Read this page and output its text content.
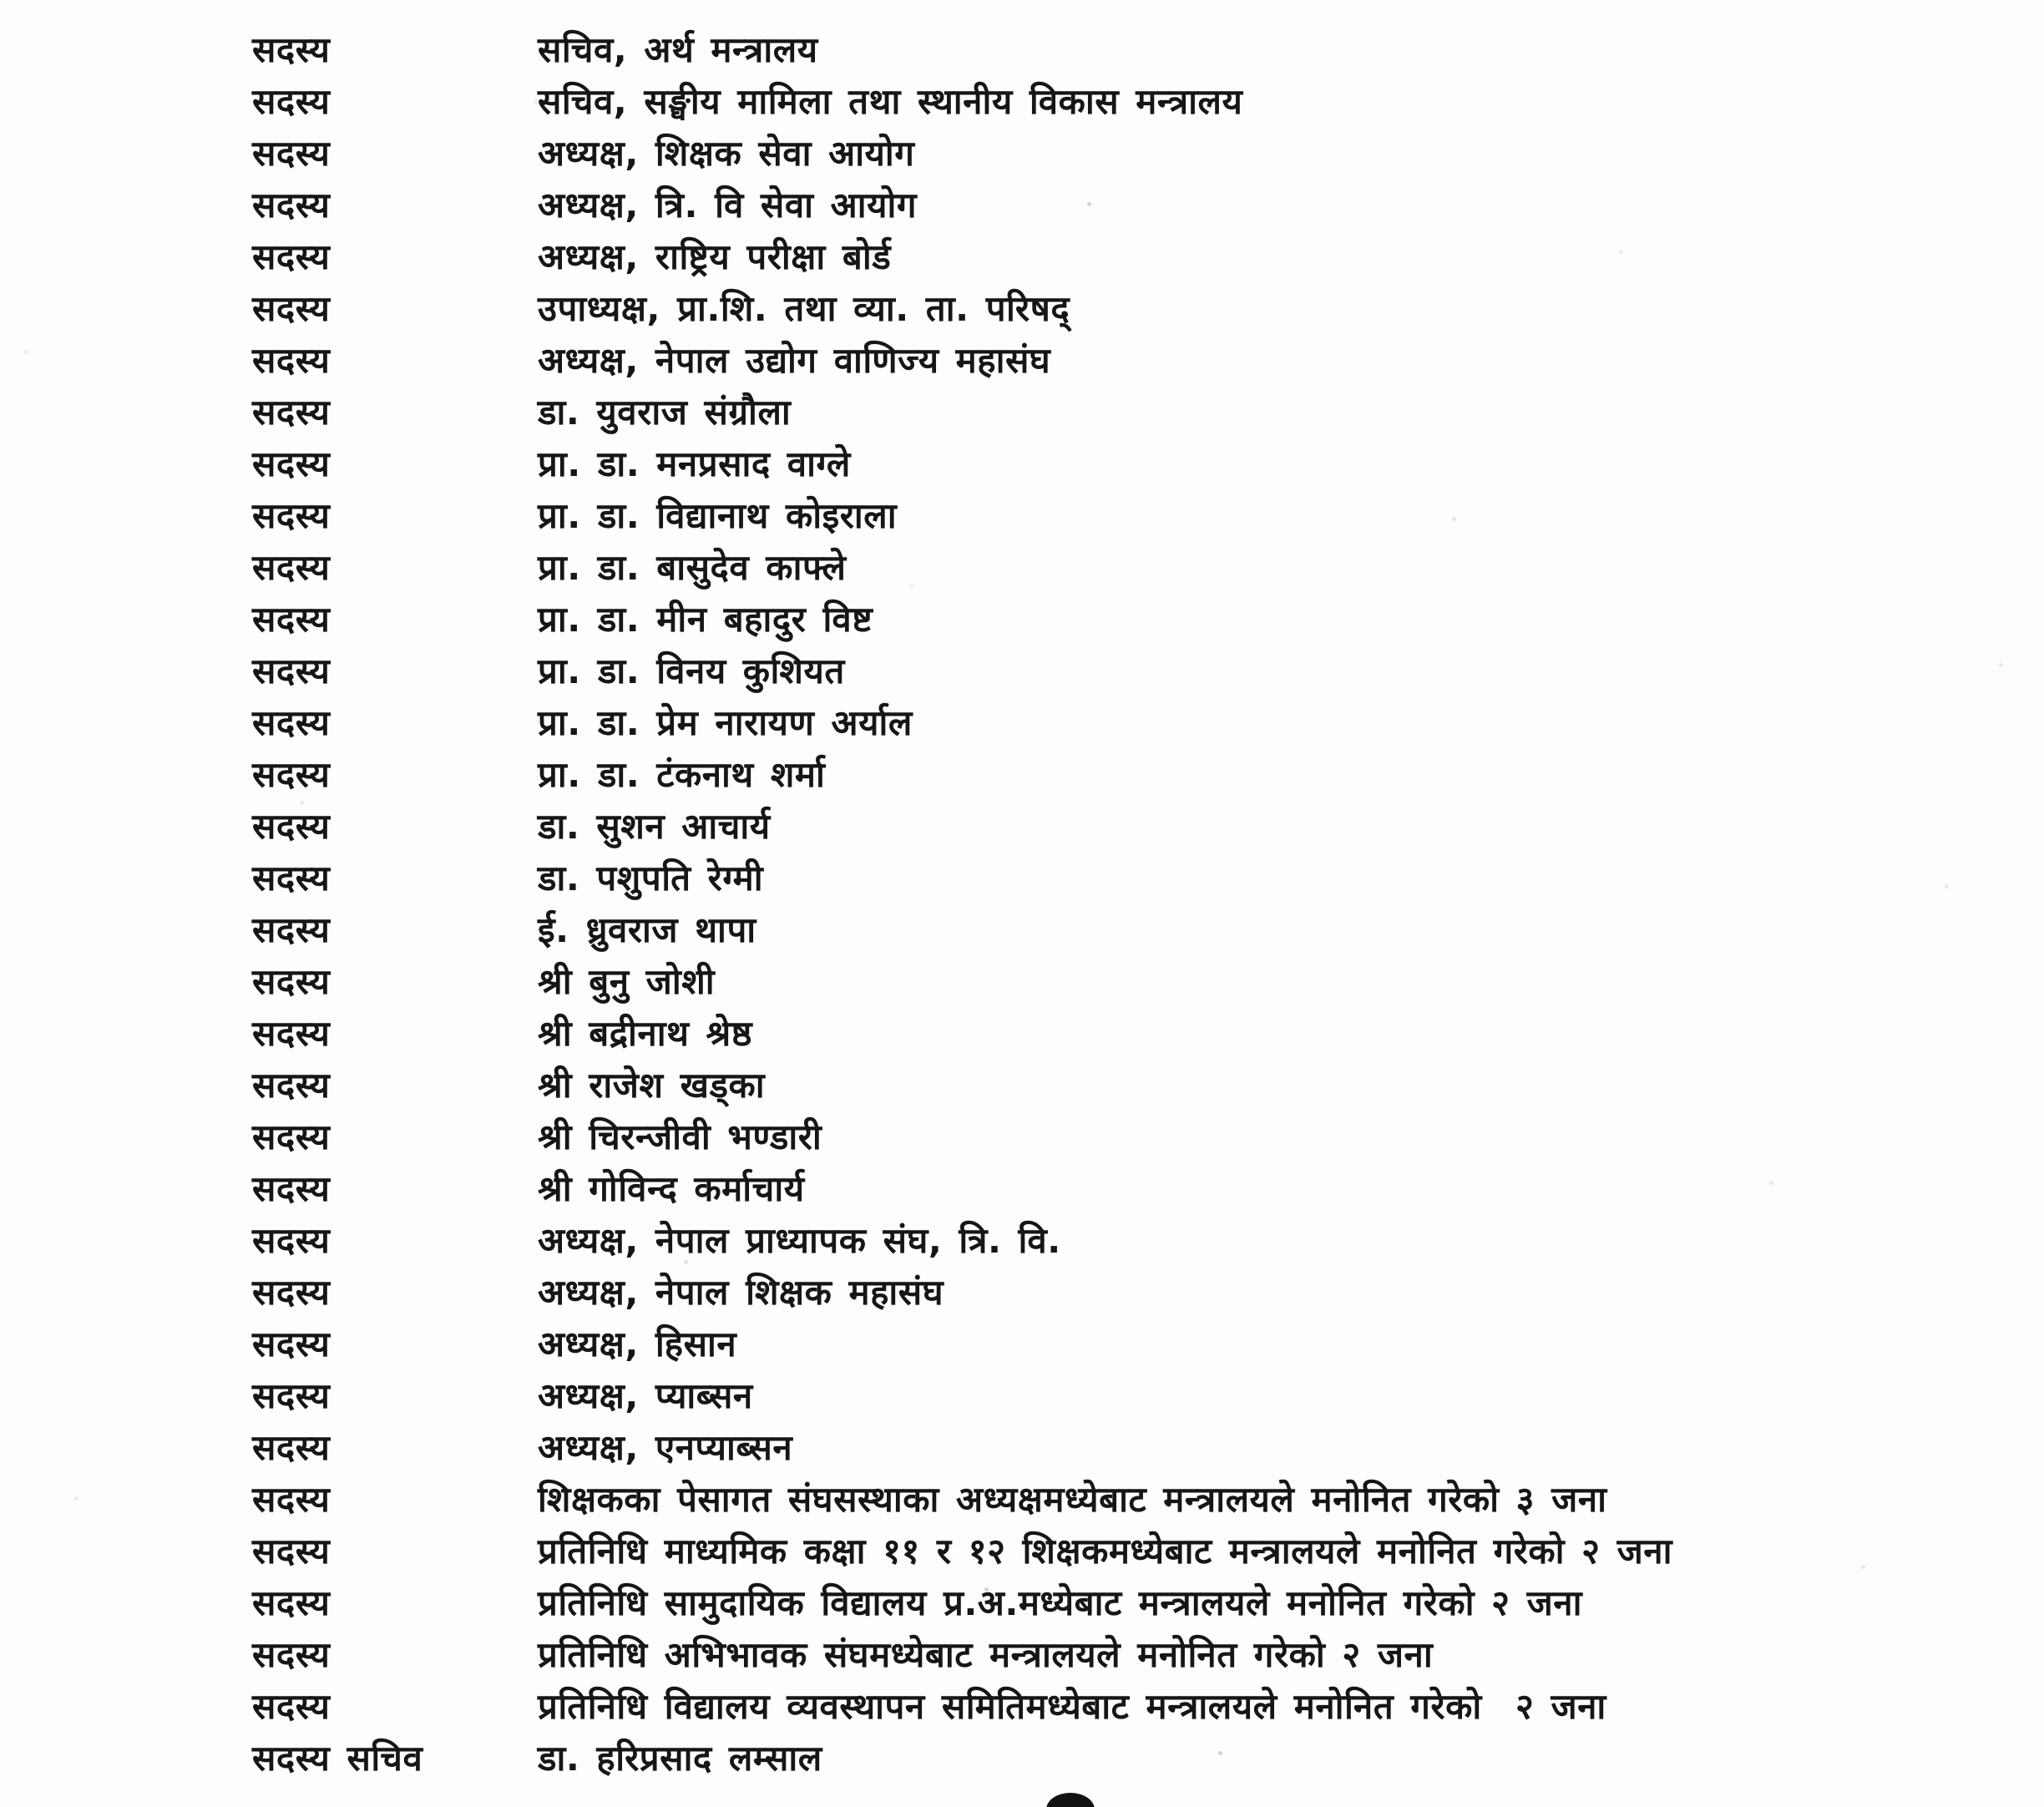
सदस्य	सचिव, अर्थ मन्त्रालय
सदस्य	सचिव, सङ्घीय मामिला तथा स्थानीय विकास मन्त्रालय
सदस्य	अध्यक्ष, शिक्षक सेवा आयोग
सदस्य	अध्यक्ष, त्रि. वि सेवा आयोग
सदस्य	अध्यक्ष, राष्ट्रिय परीक्षा बोर्ड
सदस्य	उपाध्यक्ष, प्रा.शि. तथा व्या. ता. परिषद्
सदस्य	अध्यक्ष, नेपाल उद्योग वाणिज्य महासंघ
सदस्य	डा. युवराज संग्रौला
सदस्य	प्रा. डा. मनप्रसाद वाग्ले
सदस्य	प्रा. डा. विद्यानाथ कोइराला
सदस्य	प्रा. डा. बासुदेव काफ्ले
सदस्य	प्रा. डा. मीन बहादुर विष्ट
सदस्य	प्रा. डा. विनय कुशियत
सदस्य	प्रा. डा. प्रेम नारायण अर्याल
सदस्य	प्रा. डा. टंकनाथ शर्मा
सदस्य	डा. सुशन आचार्य
सदस्य	डा. पशुपति रेग्मी
सदस्य	ई. ध्रुवराज थापा
सदस्य	श्री बुनु जोशी
सदस्य	श्री बद्रीनाथ श्रेष्ठ
सदस्य	श्री राजेश खड्का
सदस्य	श्री चिरन्जीवी भण्डारी
सदस्य	श्री गोविन्द कर्माचार्य
सदस्य	अध्यक्ष, नेपाल प्राध्यापक संघ, त्रि. वि.
सदस्य	अध्यक्ष, नेपाल शिक्षक महासंघ
सदस्य	अध्यक्ष, हिसान
सदस्य	अध्यक्ष, प्याब्सन
सदस्य	अध्यक्ष, एनप्याब्सन
सदस्य	शिक्षकका पेसागत संघसस्थाका अध्यक्षमध्येबाट मन्त्रालयले मनोनित गरेको ३ जना
सदस्य	प्रतिनिधि माध्यमिक कक्षा ११ र १२ शिक्षकमध्येबाट मन्त्रालयले मनोनित गरेको २ जना
सदस्य	प्रतिनिधि सामुदायिक विद्यालय प्र.अ.मध्येबाट मन्त्रालयले मनोनित गरेको २ जना
सदस्य	प्रतिनिधि अभिभावक संघमध्येबाट मन्त्रालयले मनोनित गरेको २ जना
सदस्य	प्रतिनिधि विद्यालय व्यवस्थापन समितिमध्येबाट मन्त्रालयले मनोनित गरेको  २ जना
सदस्य सचिव	डा. हरिप्रसाद लम्साल
